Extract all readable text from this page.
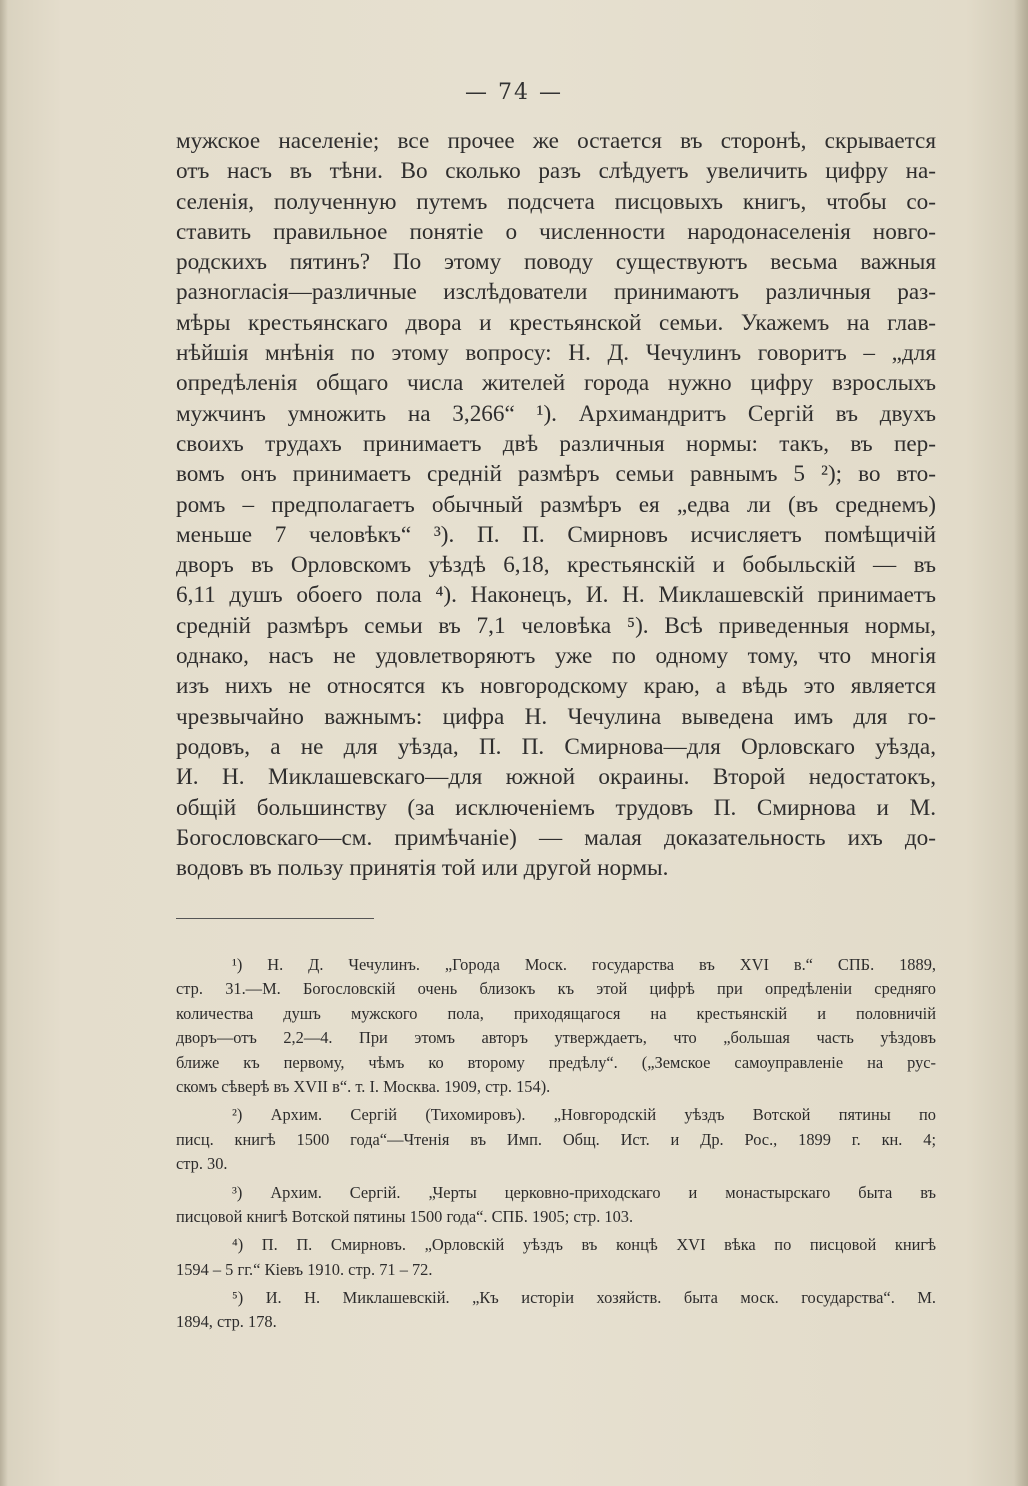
— 74 —
мужское населеніе; все прочее же остается въ сторонѣ, скрывается
отъ насъ въ тѣни. Во сколько разъ слѣдуетъ увеличить цифру на-
селенія, полученную путемъ подсчета писцовыхъ книгъ, чтобы со-
ставить правильное понятіе о численности народонаселенія новго-
родскихъ пятинъ? По этому поводу существуютъ весьма важныя
разногласія—различные изслѣдователи принимаютъ различныя раз-
мѣры крестьянскаго двора и крестьянской семьи. Укажемъ на глав-
нѣйшія мнѣнія по этому вопросу: Н. Д. Чечулинъ говоритъ – „для
опредѣленія общаго числа жителей города нужно цифру взрослыхъ
мужчинъ умножить на 3,266“ ¹). Архимандритъ Сергій въ двухъ
своихъ трудахъ принимаетъ двѣ различныя нормы: такъ, въ пер-
вомъ онъ принимаетъ средній размѣръ семьи равнымъ 5 ²); во вто-
ромъ – предполагаетъ обычный размѣръ ея „едва ли (въ среднемъ)
меньше 7 человѣкъ“ ³). П. П. Смирновъ исчисляетъ помѣщичій
дворъ въ Орловскомъ уѣздѣ 6,18, крестьянскій и бобыльскій — въ
6,11 душъ обоего пола ⁴). Наконецъ, И. Н. Миклашевскій принимаетъ
средній размѣръ семьи въ 7,1 человѣка ⁵). Всѣ приведенныя нормы,
однако, насъ не удовлетворяютъ уже по одному тому, что многія
изъ нихъ не относятся къ новгородскому краю, а вѣдь это является
чрезвычайно важнымъ: цифра Н. Чечулина выведена имъ для го-
родовъ, а не для уѣзда, П. П. Смирнова—для Орловскаго уѣзда,
И. Н. Миклашевскаго—для южной окраины. Второй недостатокъ,
общій большинству (за исключеніемъ трудовъ П. Смирнова и М.
Богословскаго—см. примѣчаніе) — малая доказательность ихъ до-
водовъ въ пользу принятія той или другой нормы.
¹) Н. Д. Чечулинъ. „Города Моск. государства въ XVI в.“ СПБ. 1889,
стр. 31.—М. Богословскій очень близокъ къ этой цифрѣ при опредѣленіи средняго
количества душъ мужского пола, приходящагося на крестьянскій и половничій
дворъ—отъ 2,2—4. При этомъ авторъ утверждаетъ, что „большая часть уѣздовъ
ближе къ первому, чѣмъ ко второму предѣлу“. („Земское самоуправленіе на рус-
скомъ сѣверѣ въ XVII в“. т. I. Москва. 1909, стр. 154).
²) Архим. Сергій (Тихомировъ). „Новгородскій уѣздъ Вотской пятины по
писц. книгѣ 1500 года“—Чтенія въ Имп. Общ. Ист. и Др. Рос., 1899 г. кн. 4;
стр. 30.
³) Архим. Сергій. „Черты церковно-приходскаго и монастырскаго быта въ
писцовой книгѣ Вотской пятины 1500 года“. СПБ. 1905; стр. 103.
⁴) П. П. Смирновъ. „Орловскій уѣздъ въ концѣ XVI вѣка по писцовой книгѣ
1594 – 5 гг.“ Кіевъ 1910. стр. 71 – 72.
⁵) И. Н. Миклашевскій. „Къ исторіи хозяйств. быта моск. государства“. М.
1894, стр. 178.
